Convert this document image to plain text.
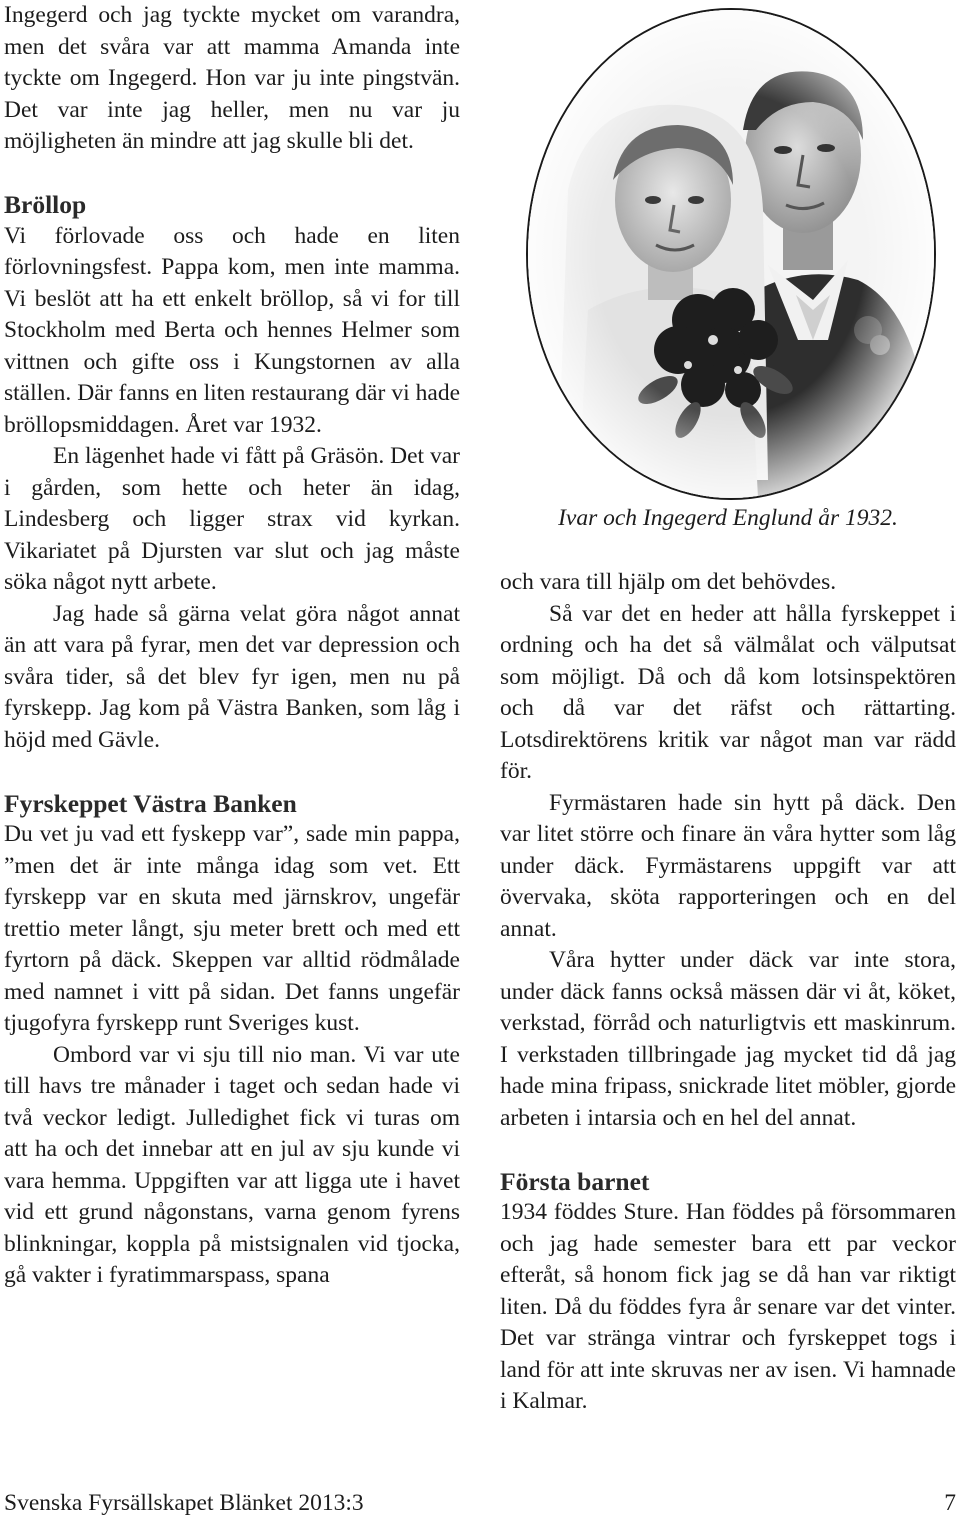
Ingegerd och jag tyckte mycket om varandra, men det svåra var att mamma Amanda inte tyckte om Ingegerd. Hon var ju inte pingstvän. Det var inte jag heller, men nu var ju möjligheten än mindre att jag skulle bli det.

Bröllop

Vi förlovade oss och hade en liten förlovningsfest. Pappa kom, men inte mamma. Vi beslöt att ha ett enkelt bröllop, så vi for till Stockholm med Berta och hennes Helmer som vittnen och gifte oss i Kungstornen av alla ställen. Där fanns en liten restaurang där vi hade bröllopsmiddagen. Året var 1932.

En lägenhet hade vi fått på Gräsön. Det var i gården, som hette och heter än idag, Lindesberg och ligger strax vid kyrkan. Vikariatet på Djursten var slut och jag måste söka något nytt arbete.

Jag hade så gärna velat göra något annat än att vara på fyrar, men det var depression och svåra tider, så det blev fyr igen, men nu på fyrskepp. Jag kom på Västra Banken, som låg i höjd med Gävle.

Fyrskeppet Västra Banken

Du vet ju vad ett fyskepp var”, sade min pappa, ”men det är inte många idag som vet. Ett fyrskepp var en skuta med järnskrov, ungefär trettio meter långt, sju meter brett och med ett fyrtorn på däck. Skeppen var alltid rödmålade med namnet i vitt på sidan. Det fanns ungefär tjugofyra fyrskepp runt Sveriges kust.

Ombord var vi sju till nio man. Vi var ute till havs tre månader i taget och sedan hade vi två veckor ledigt. Julledighet fick vi turas om att ha och det innebar att en jul av sju kunde vi vara hemma. Uppgiften var att ligga ute i havet vid ett grund någonstans, varna genom fyrens blinkningar, koppla på mistsignalen vid tjocka, gå vakter i fyratimmarspass, spana

Ivar och Ingegerd Englund år 1932.

och vara till hjälp om det behövdes.

Så var det en heder att hålla fyrskeppet i ordning och ha det så välmålat och välputsat som möjligt. Då och då kom lotsinspektören och då var det räfst och rättarting. Lotsdirektörens kritik var något man var rädd för.

Fyrmästaren hade sin hytt på däck. Den var litet större och finare än våra hytter som låg under däck. Fyrmästarens uppgift var att övervaka, sköta rapporteringen och en del annat.

Våra hytter under däck var inte stora, under däck fanns också mässen där vi åt, köket, verkstad, förråd och naturligtvis ett maskinrum. I verkstaden tillbringade jag mycket tid då jag hade mina fripass, snickrade litet möbler, gjorde arbeten i intarsia och en hel del annat.

Första barnet

1934 föddes Sture. Han föddes på försommaren och jag hade semester bara ett par veckor efteråt, så honom fick jag se då han var riktigt liten. Då du föddes fyra år senare var det vinter. Det var stränga vintrar och fyrskeppet togs i land för att inte skruvas ner av isen. Vi hamnade i Kalmar.

Svenska Fyrsällskapet Blänket 2013:3	7
